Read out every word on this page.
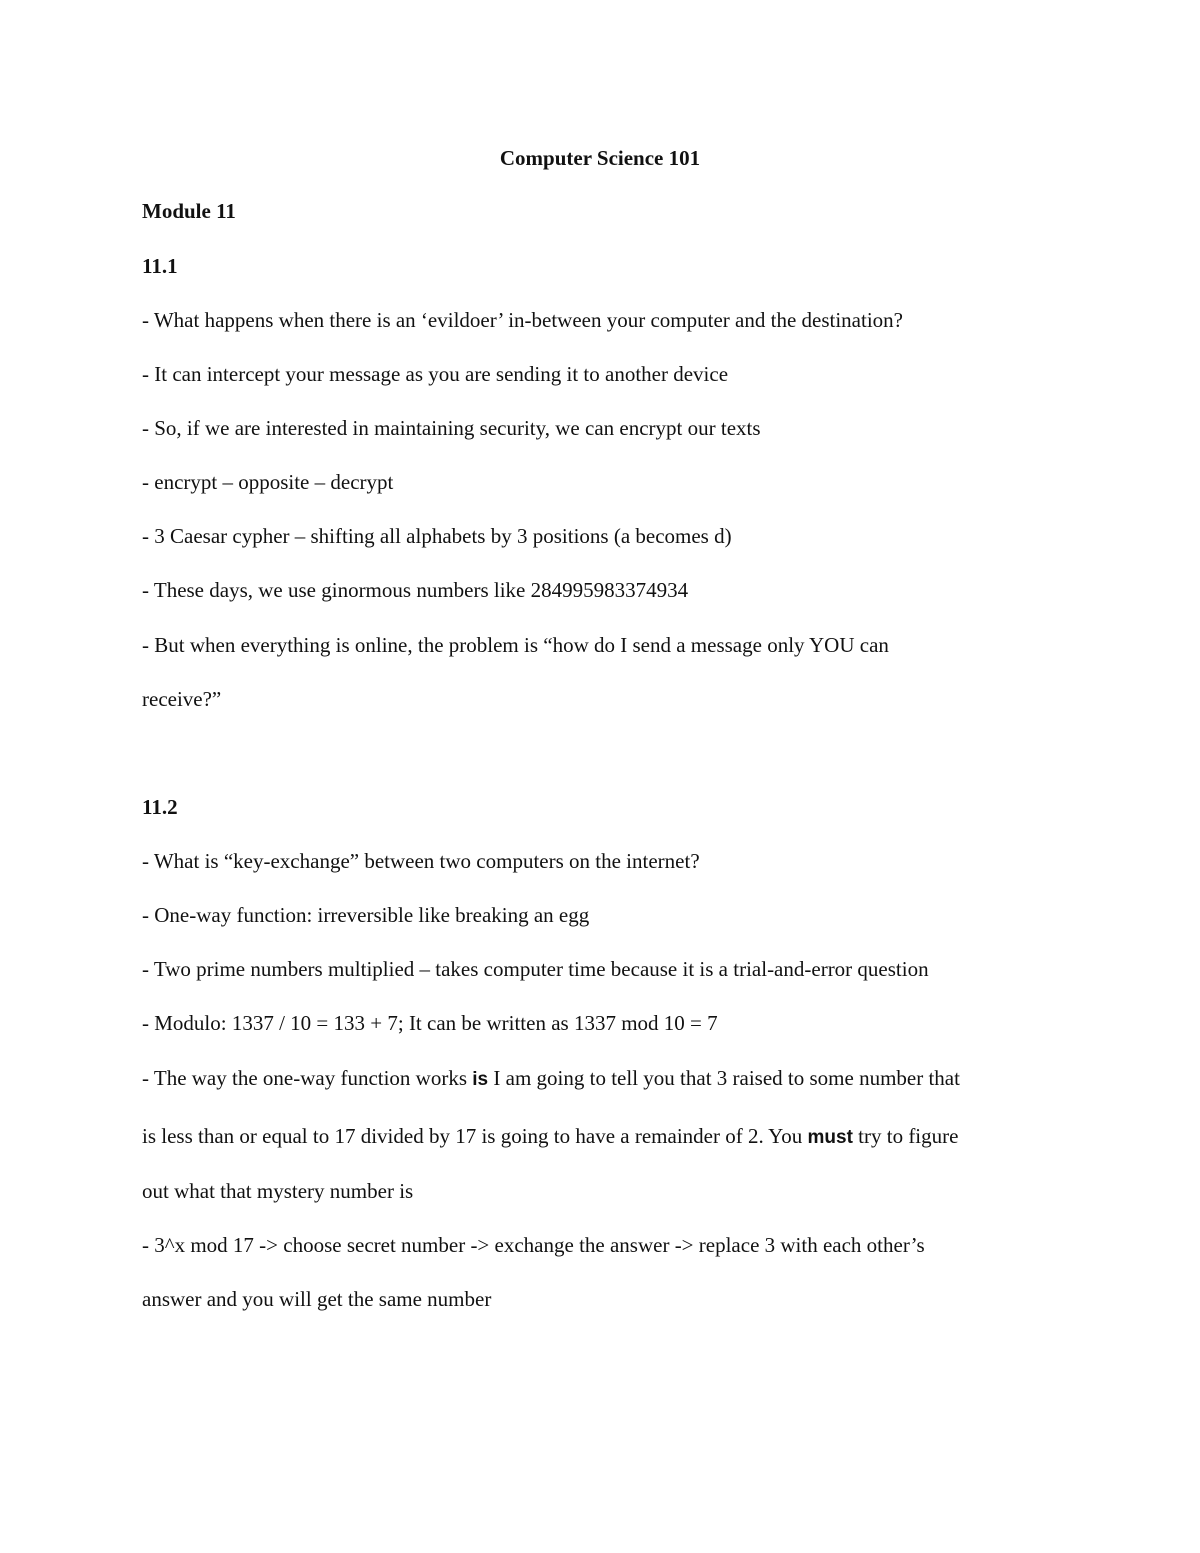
Computer Science 101
Module 11
11.1
- What happens when there is an ‘evildoer’ in-between your computer and the destination?
- It can intercept your message as you are sending it to another device
- So, if we are interested in maintaining security, we can encrypt our texts
- encrypt – opposite – decrypt
- 3 Caesar cypher – shifting all alphabets by 3 positions (a becomes d)
- These days, we use ginormous numbers like 284995983374934
- But when everything is online, the problem is “how do I send a message only YOU can
receive?”
11.2
- What is “key-exchange” between two computers on the internet?
- One-way function: irreversible like breaking an egg
- Two prime numbers multiplied – takes computer time because it is a trial-and-error question
- Modulo: 1337 / 10 = 133 + 7; It can be written as 1337 mod 10 = 7
- The way the one-way function works is I am going to tell you that 3 raised to some number that
is less than or equal to 17 divided by 17 is going to have a remainder of 2. You must try to figure
out what that mystery number is
- 3^x mod 17 -> choose secret number -> exchange the answer -> replace 3 with each other’s
answer and you will get the same number
